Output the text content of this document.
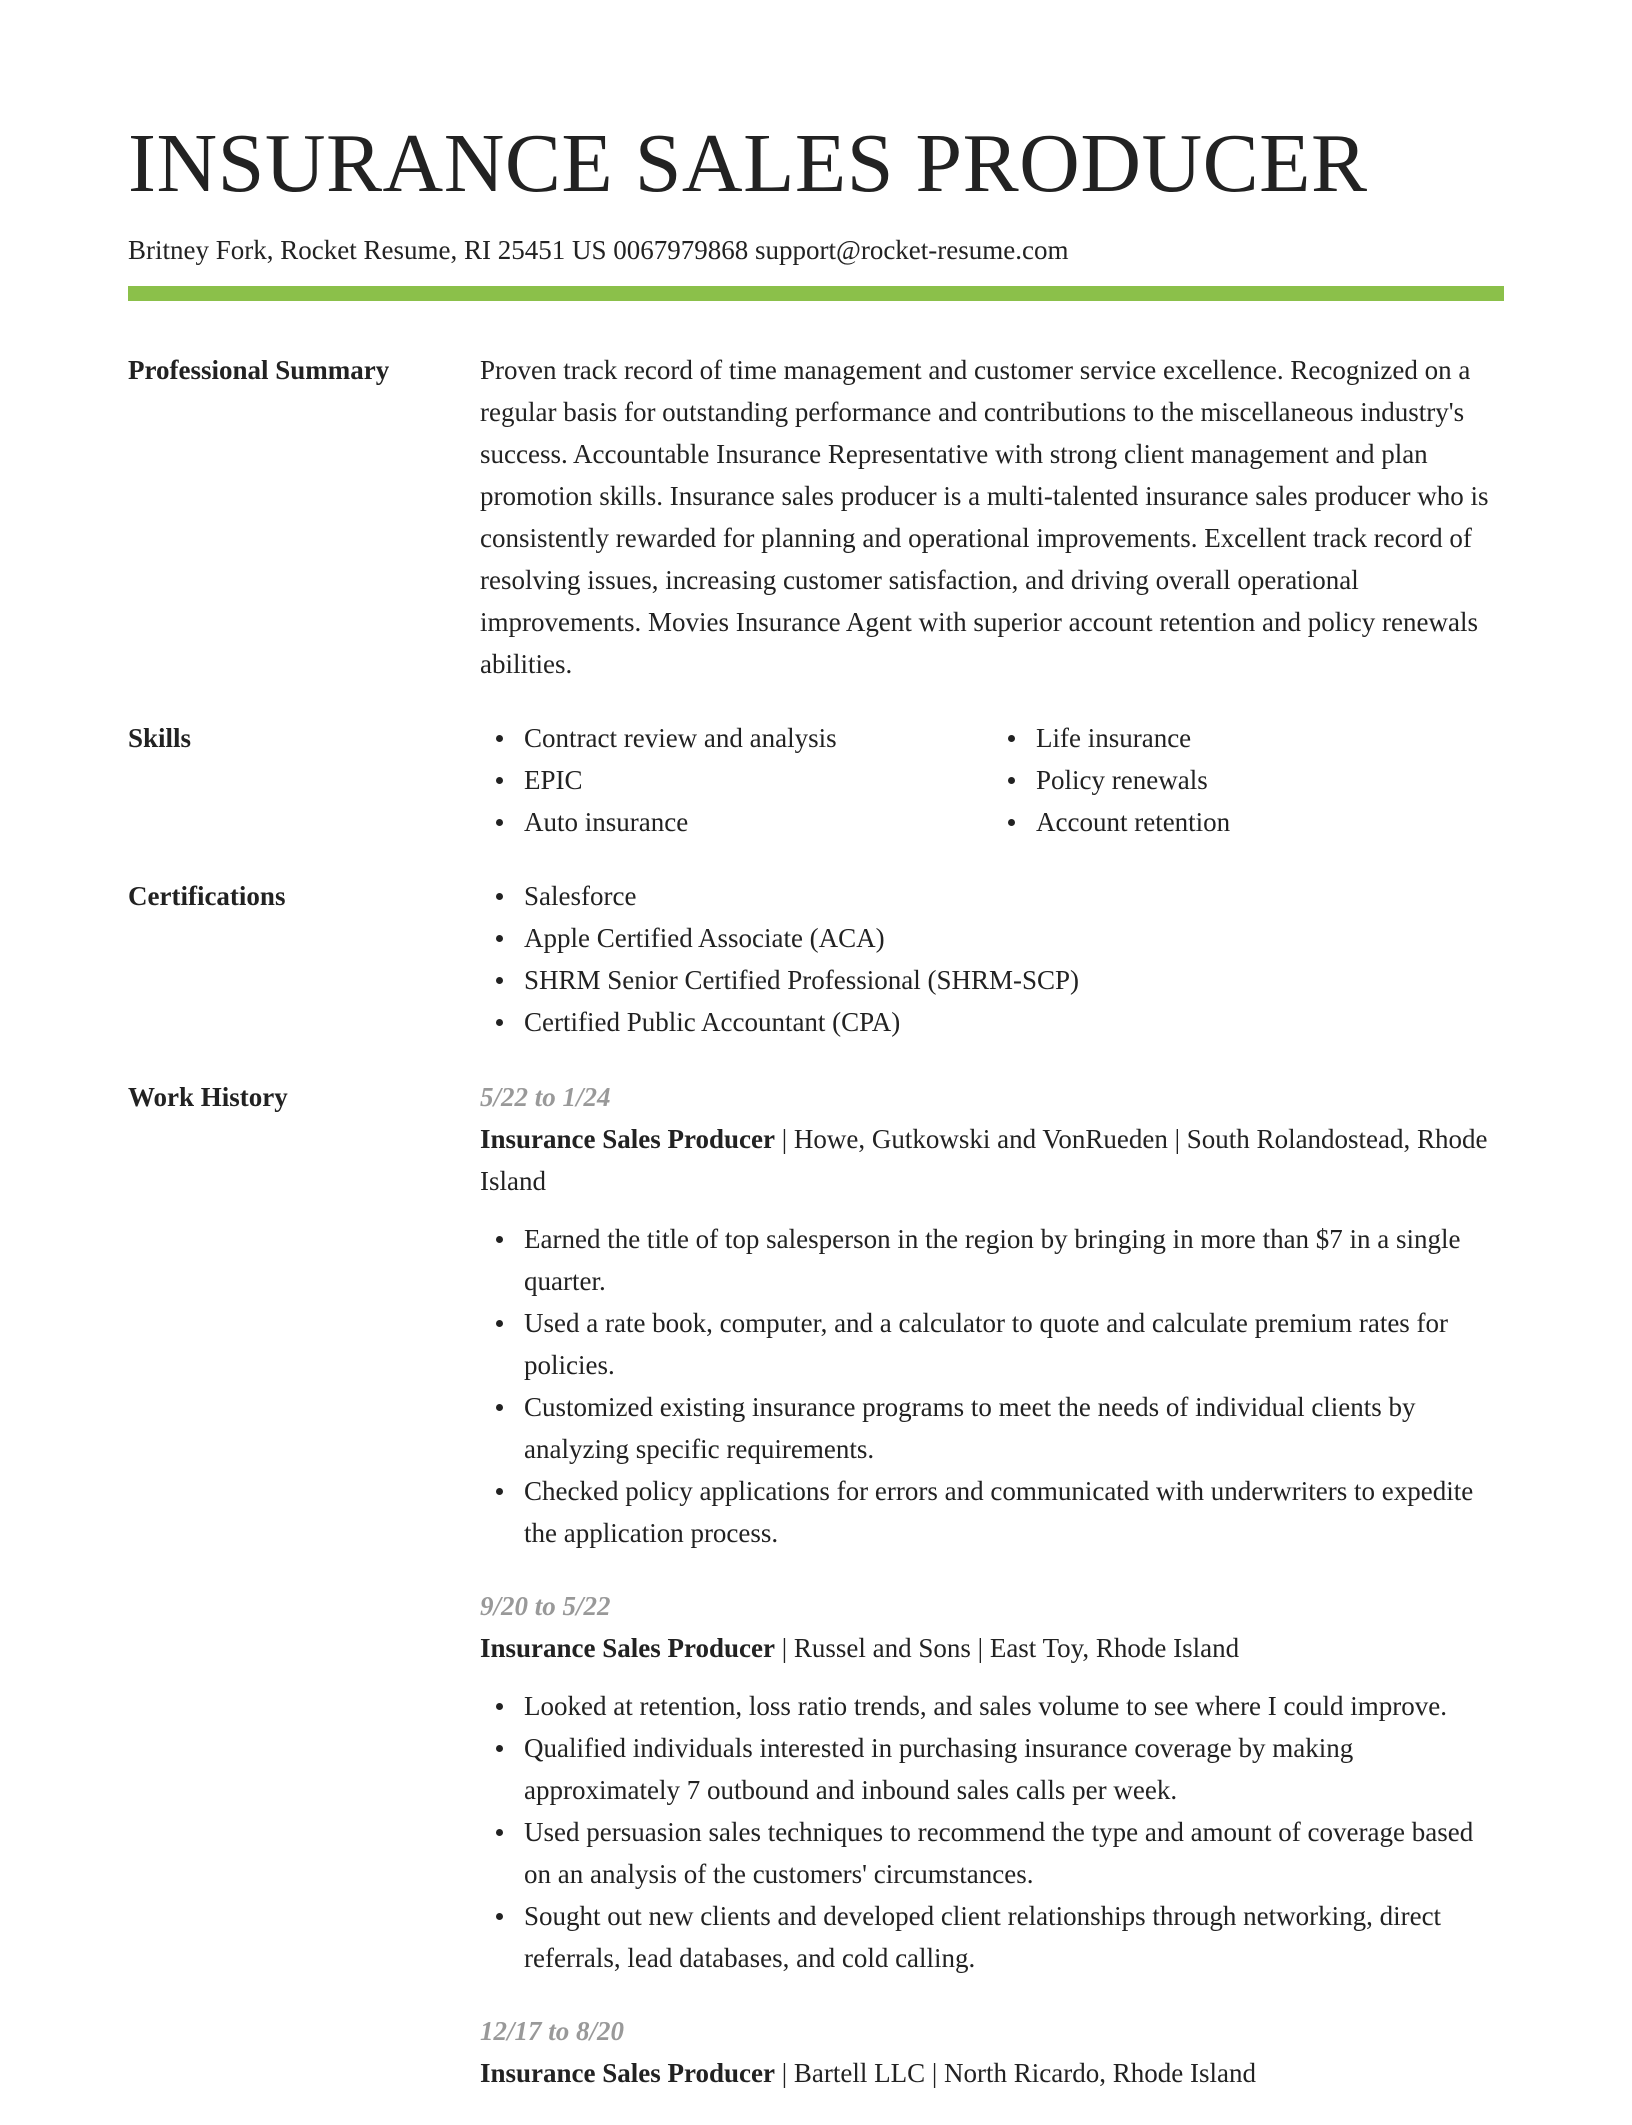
INSURANCE SALES PRODUCER
Britney Fork, Rocket Resume, RI 25451 US 0067979868 support@rocket-resume.com
Professional Summary	Proven track record of time management and customer service excellence. Recognized on a regular basis for outstanding performance and contributions to the miscellaneous industry's success. Accountable Insurance Representative with strong client management and plan promotion skills. Insurance sales producer is a multi-talented insurance sales producer who is consistently rewarded for planning and operational improvements. Excellent track record of resolving issues, increasing customer satisfaction, and driving overall operational improvements. Movies Insurance Agent with superior account retention and policy renewals abilities.

Skills	Contract review and analysis
EPIC
Auto insurance
Life insurance
Policy renewals
Account retention
Certifications	Salesforce
Apple Certified Associate (ACA)
SHRM Senior Certified Professional (SHRM-SCP)
Certified Public Accountant (CPA)
Work History	5/22 to 1/24
Insurance Sales Producer | Howe, Gutkowski and VonRueden | South Rolandostead, Rhode Island
Earned the title of top salesperson in the region by bringing in more than $7 in a single quarter.
Used a rate book, computer, and a calculator to quote and calculate premium rates for policies.
Customized existing insurance programs to meet the needs of individual clients by analyzing specific requirements.
Checked policy applications for errors and communicated with underwriters to expedite the application process.
9/20 to 5/22
Insurance Sales Producer | Russel and Sons | East Toy, Rhode Island
Looked at retention, loss ratio trends, and sales volume to see where I could improve.
Qualified individuals interested in purchasing insurance coverage by making approximately 7 outbound and inbound sales calls per week.
Used persuasion sales techniques to recommend the type and amount of coverage based on an analysis of the customers' circumstances.
Sought out new clients and developed client relationships through networking, direct referrals, lead databases, and cold calling.
12/17 to 8/20
Insurance Sales Producer | Bartell LLC | North Ricardo, Rhode Island
